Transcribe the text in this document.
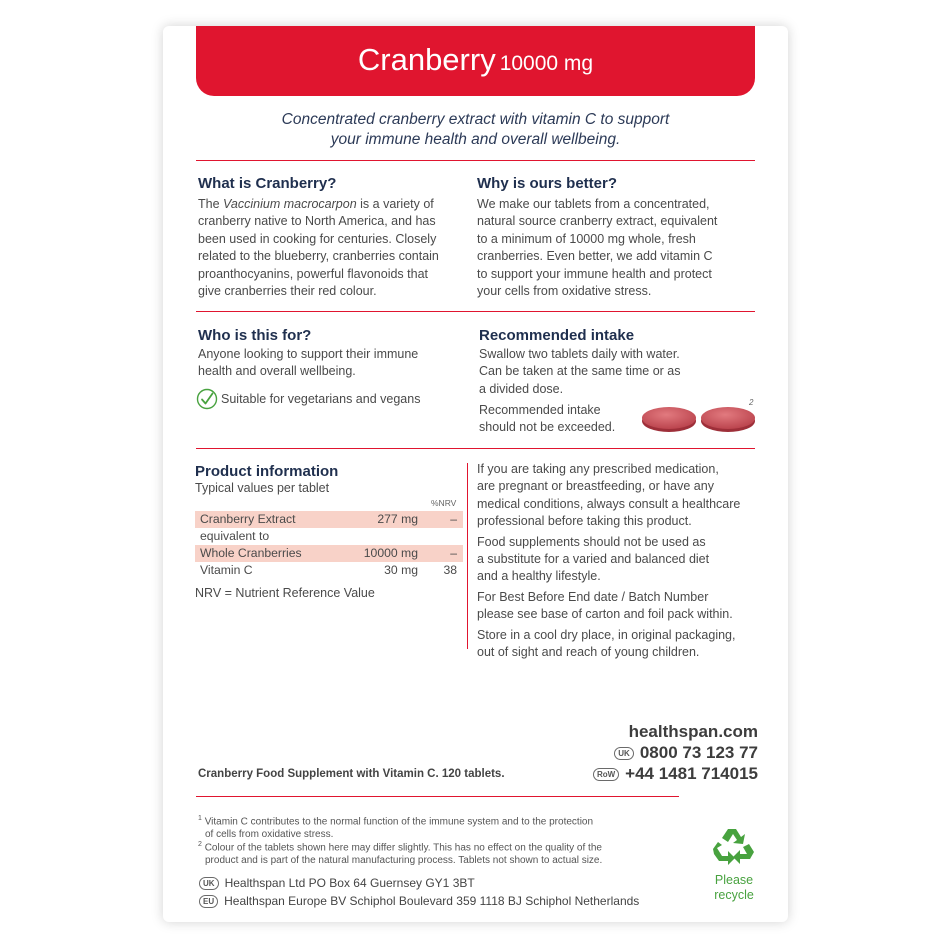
Cranberry 10000 mg
Concentrated cranberry extract with vitamin C to support
your immune health and overall wellbeing.
What is Cranberry?
The Vaccinium macrocarpon is a variety of
cranberry native to North America, and has
been used in cooking for centuries. Closely
related to the blueberry, cranberries contain
proanthocyanins, powerful flavonoids that
give cranberries their red colour.
Why is ours better?
We make our tablets from a concentrated,
natural source cranberry extract, equivalent
to a minimum of 10000 mg whole, fresh
cranberries. Even better, we add vitamin C
to support your immune health and protect
your cells from oxidative stress.
Who is this for?
Anyone looking to support their immune
health and overall wellbeing.
Suitable for vegetarians and vegans
Recommended intake
Swallow two tablets daily with water.
Can be taken at the same time or as
a divided dose.
Recommended intake
should not be exceeded.
2
Product information
Typical values per tablet
%NRV
Cranberry Extract	277 mg	–
equivalent to
Whole Cranberries	10000 mg	–
Vitamin C	30 mg 38
NRV = Nutrient Reference Value
If you are taking any prescribed medication,
are pregnant or breastfeeding, or have any
medical conditions, always consult a healthcare
professional before taking this product.
Food supplements should not be used as
a substitute for a varied and balanced diet
and a healthy lifestyle.
For Best Before End date / Batch Number
please see base of carton and foil pack within.
Store in a cool dry place, in original packaging,
out of sight and reach of young children.
healthspan.com
UK 0800 73 123 77
RoW +44 1481 714015
Cranberry Food Supplement with Vitamin C. 120 tablets.
$^1$ Vitamin C contributes to the normal function of the immune system and to the protection
of cells from oxidative stress.
$^2$ Colour of the tablets shown here may differ slightly. This has no effect on the quality of the
product and is part of the natural manufacturing process. Tablets not shown to actual size.
UK Healthspan Ltd PO Box 64 Guernsey GY1 3BT
EU Healthspan Europe BV Schiphol Boulevard 359 1118 BJ Schiphol Netherlands
Please
recycle
